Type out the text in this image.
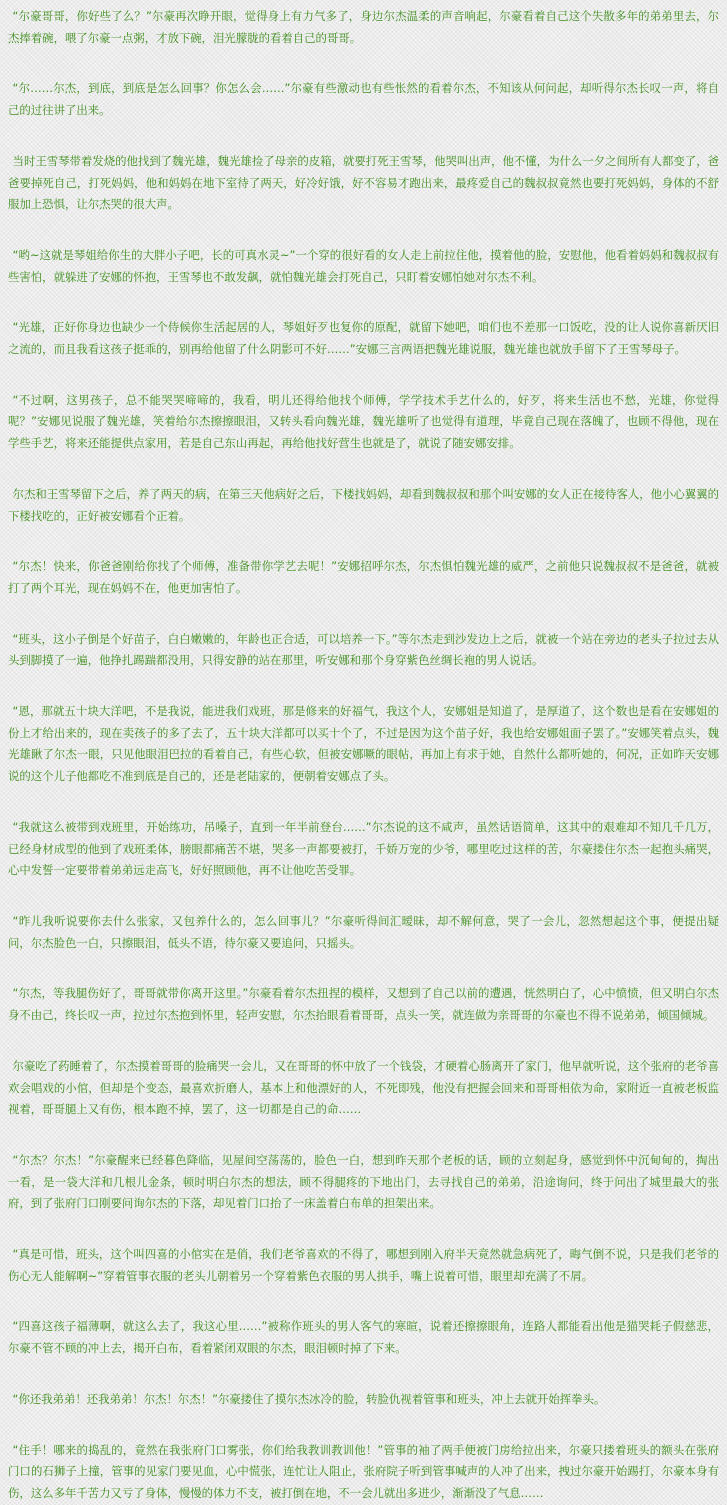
“尔豪哥哥，你好些了么？”尔豪再次睁开眼，觉得身上有力气多了，身边尔杰温柔的声音响起，尔豪看着自己这个失散多年的弟弟里去，尔杰捧着碗，喂了尔豪一点粥，才放下碗，泪光朦胧的看着自己的哥哥。

“尔……尔杰，到底，到底是怎么回事？你怎么会……”尔豪有些激动也有些怅然的看着尔杰，不知该从何问起，却听得尔杰长叹一声，将自己的过往讲了出来。

当时王雪琴带着发烧的他找到了魏光雄，魏光雄捡了母亲的皮箱，就要打死王雪琴，他哭叫出声，他不懂，为什么一夕之间所有人都变了，爸爸要掉死自己，打死妈妈，他和妈妈在地下室待了两天，好冷好饿，好不容易才跑出来，最疼爱自己的魏叔叔竟然也要打死妈妈，身体的不舒服加上恐惧，让尔杰哭的很大声。

“哟~这就是琴姐给你生的大胖小子吧，长的可真水灵~”一个穿的很好看的女人走上前拉住他，摸着他的脸，安慰他，他看着妈妈和魏叔叔有些害怕，就躲进了安娜的怀抱，王雪琴也不敢发飙，就怕魏光雄会打死自己，只盯着安娜怕她对尔杰不利。

“光雄，正好你身边也缺少一个侍候你生活起居的人，琴姐好歹也复你的原配，就留下她吧，咱们也不差那一口饭吃，没的让人说你喜新厌旧之流的，而且我看这孩子挺乖的，别再给他留了什么阴影可不好……”安娜三言两语把魏光雄说服，魏光雄也就放手留下了王雪琴母子。

“不过啊，这男孩子，总不能哭哭啼啼的，我看，明儿还得给他找个师傅，学学技术手艺什么的，好歹，将来生活也不愁，光雄，你觉得呢？”安娜见说服了魏光雄，笑着给尔杰擦擦眼泪，又转头看向魏光雄，魏光雄听了也觉得有道理，毕竟自己现在落魄了，也顾不得他，现在学些手艺，将来还能提供点家用，若是自己东山再起，再给他找好营生也就是了，就说了随安娜安排。

尔杰和王雪琴留下之后，养了两天的病，在第三天他病好之后，下楼找妈妈，却看到魏叔叔和那个叫安娜的女人正在接待客人，他小心翼翼的下楼找吃的，正好被安娜看个正着。

“尔杰！快来，你爸爸刚给你找了个师傅，准备带你学艺去呢！”安娜招呼尔杰，尔杰惧怕魏光雄的威严，之前他只说魏叔叔不是爸爸，就被打了两个耳光，现在妈妈不在，他更加害怕了。

“班头，这小子倒是个好苗子，白白嫩嫩的，年龄也正合适，可以培养一下。”等尔杰走到沙发边上之后，就被一个站在旁边的老头子拉过去从头到脚摸了一遍，他挣扎踢踹都没用，只得安静的站在那里，听安娜和那个身穿紫色丝绸长袍的男人说话。

“恩，那就五十块大洋吧，不是我说，能进我们戏班，那是修来的好福气，我这个人，安娜姐是知道了，是厚道了，这个数也是看在安娜姐的份上才给出来的，现在卖孩子的多了去了，五十块大洋都可以买十个了，不过是因为这个苗子好，我也给安娜姐面子罢了。”安娜笑着点头，魏光雄瞅了尔杰一眼，只见他眼泪巴拉的看着自己，有些心软，但被安娜噘的眼帖，再加上有求于她，自然什么都听她的，何况，正如昨天安娜说的这个儿子他都吃不准到底是自己的，还是老陆家的，便朝着安娜点了头。

“我就这么被带到戏班里，开始练功，吊嗓子，直到一年半前登台……”尔杰说的这不咸声，虽然话语简单，这其中的艰难却不知几千几万，已经身材成型的他到了戏班柔体，膀眼都痛苦不堪，哭多一声都要被打，千娇万宠的少爷，哪里吃过这样的苦，尔豪搂住尔杰一起抱头痛哭，心中发誓一定要带着弟弟远走高飞，好好照顾他，再不让他吃苦受罪。

“昨儿我听说要你去什么张家，又包养什么的，怎么回事儿？”尔豪听得间汇暧昧，却不解何意，哭了一会儿，忽然想起这个事，便提出疑问，尔杰脸色一白，只擦眼泪，低头不语，待尔豪又要追问，只摇头。

“尔杰，等我腿伤好了，哥哥就带你离开这里。”尔豪看着尔杰扭捏的模样，又想到了自己以前的遭遇，恍然明白了，心中愤愤，但又明白尔杰身不由己，终长叹一声，拉过尔杰抱到怀里，轻声安慰，尔杰抬眼看着哥哥，点头一笑，就连做为亲哥哥的尔豪也不得不说弟弟，倾国倾城。

尔豪吃了药睡着了，尔杰摸着哥哥的脸痛哭一会儿，又在哥哥的怀中放了一个钱袋，才硬着心肠离开了家门，他早就听说，这个张府的老爷喜欢会唱戏的小倌，但却是个变态，最喜欢折磨人，基本上和他漂好的人，不死即残，他没有把握会回来和哥哥相依为命，家附近一直被老板监视着，哥哥腿上又有伤，根本跑不掉，罢了，这一切都是自己的命……

“尔杰？尔杰！”尔豪醒来已经暮色降临，见屋间空荡荡的，脸色一白，想到昨天那个老板的话，顾的立刻起身，感觉到怀中沉甸甸的，掏出一看，是一袋大洋和几根儿金条，顿时明白尔杰的想法，顾不得腿疼的下地出门，去寻找自己的弟弟，沿途询问，终于问出了城里最大的张府，到了张府门口刚要问询尔杰的下落，却见着门口抬了一床盖着白布单的担架出来。

“真是可惜，班头，这个叫四喜的小倌实在是俏，我们老爷喜欢的不得了，哪想到刚入府半天竟然就急病死了，晦气倒不说，只是我们老爷的伤心无人能解啊~”穿着管事衣服的老头儿朝着另一个穿着紫色衣服的男人拱手，嘴上说着可惜，眼里却充满了不屑。

“四喜这孩子福薄啊，就这么去了，我这心里……”被称作班头的男人客气的寒暄，说着还擦擦眼角，连路人都能看出他是猫哭耗子假慈悲，尔豪不管不顾的冲上去，揭开白布，看着紧闭双眼的尔杰，眼泪顿时掉了下来。

“你还我弟弟！还我弟弟！尔杰！尔杰！”尔豪搂住了摸尔杰冰冷的脸，转脸仇视着管事和班头，冲上去就开始挥拳头。

“住手！哪来的捣乱的，竟然在我张府门口雾张，你们给我教训教训他！”管事的袖了两手便被门房给拉出来，尔豪只搂着班头的额头在张府门口的石狮子上撞，管事的见家门要见血，心中慌张，连忙让人阻止，张府院子听到管事喊声的人冲了出来，拽过尔豪开始踢打，尔豪本身有伤，这么多年千苦力又亏了身体，慢慢的体力不支，被打倒在地，不一会儿就出多进少，渐渐没了气息……
